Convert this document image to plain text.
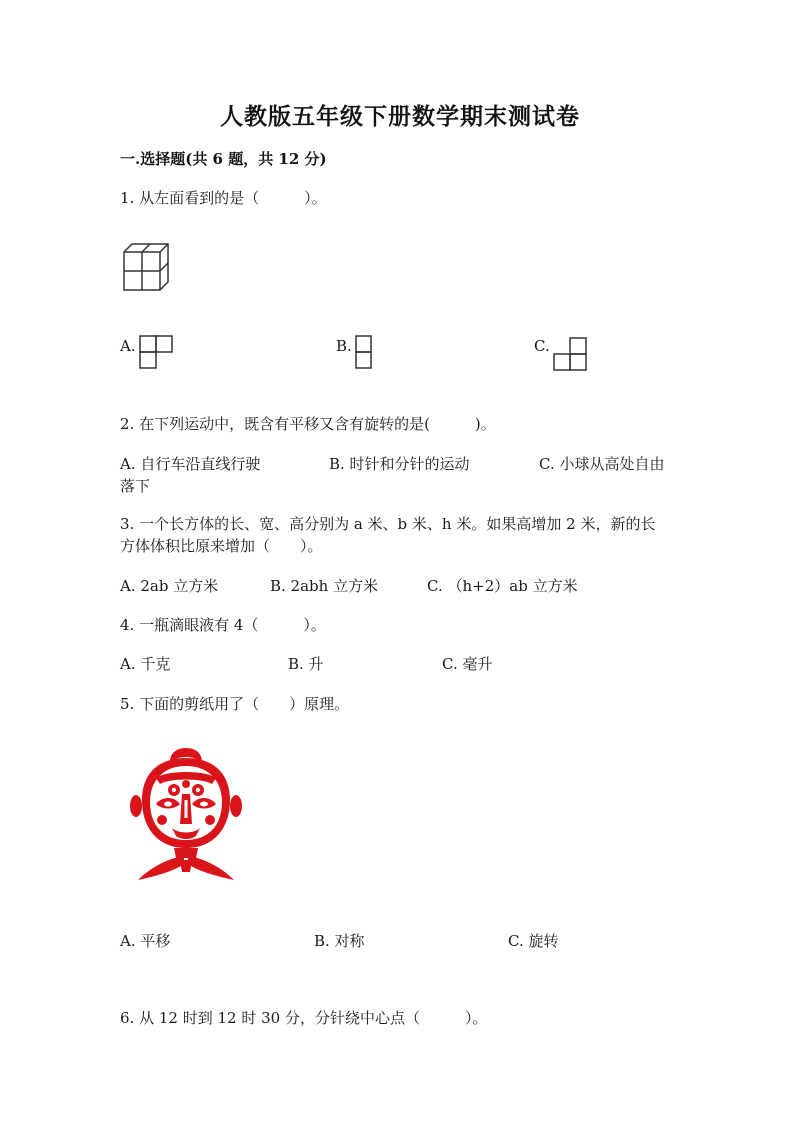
人教版五年级下册数学期末测试卷
一.选择题(共 6 题，共 12 分)
1. 从左面看到的是（　　　）。
A.	B.	C.
2. 在下列运动中，既含有平移又含有旋转的是(　　　)。
A. 自行车沿直线行驶	B. 时针和分针的运动	C. 小球从高处自由
落下
3. 一个长方体的长、宽、高分别为 a 米、b 米、h 米。如果高增加 2 米，新的长
方体体积比原来增加（　　）。
A. 2ab 立方米	B. 2abh 立方米	C. （h+2）ab 立方米
4. 一瓶滴眼液有 4（　　　）。
A. 千克	B. 升	C. 毫升
5. 下面的剪纸用了（　　）原理。
A. 平移	B. 对称	C. 旋转
6. 从 12 时到 12 时 30 分，分针绕中心点（　　　）。
